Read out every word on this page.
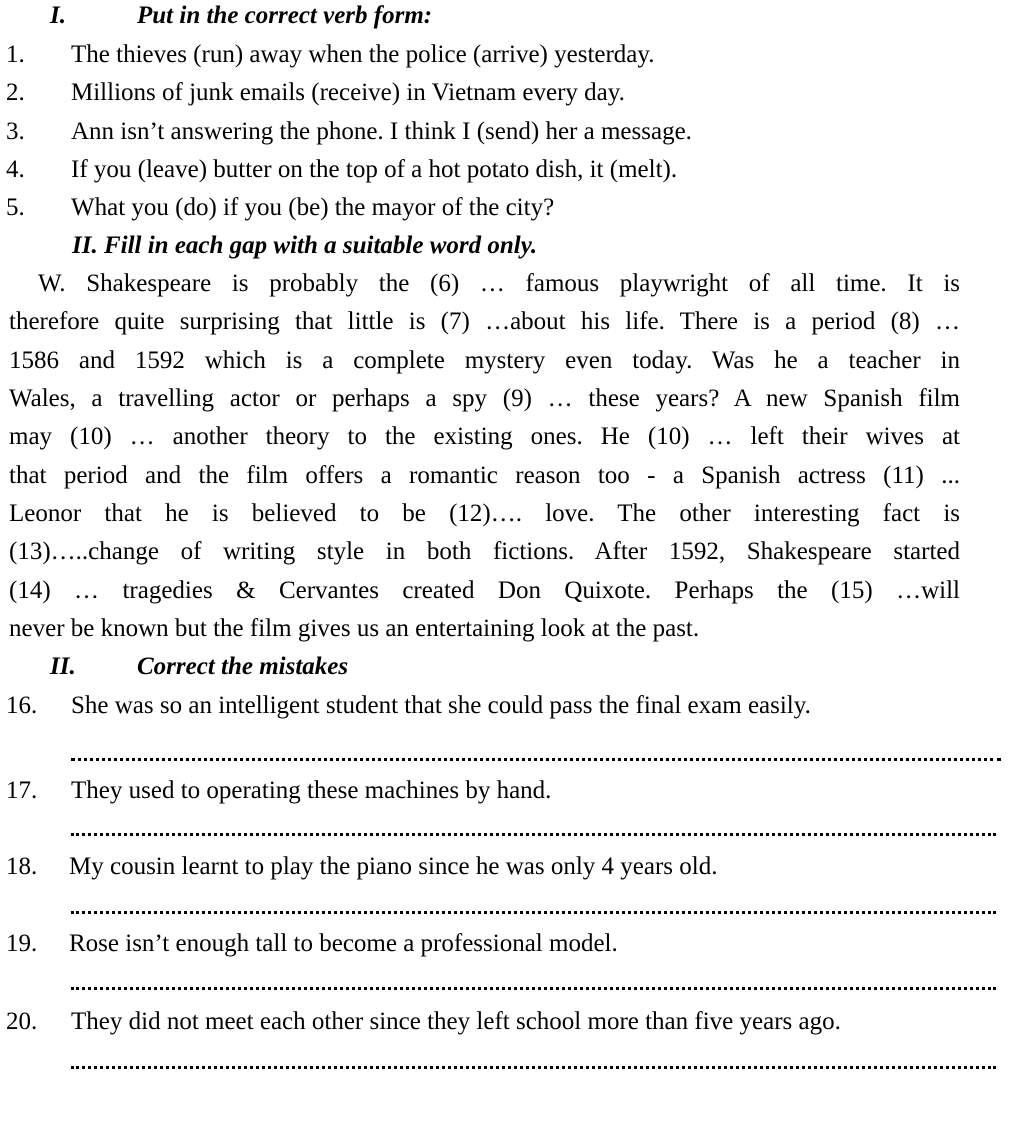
I.	Put in the correct verb form:
1. The thieves (run) away when the police (arrive) yesterday.
2. Millions of junk emails (receive) in Vietnam every day.
3. Ann isn’t answering the phone. I think I (send) her a message.
4. If you (leave) butter on the top of a hot potato dish, it (melt).
5. What you (do) if you (be) the mayor of the city?
II. Fill in each gap with a suitable word only.
W. Shakespeare is probably the (6) … famous playwright of all time. It is
therefore quite surprising that little is (7) …about his life. There is a period (8) …
1586 and 1592 which is a complete mystery even today. Was he a teacher in
Wales, a travelling actor or perhaps a spy (9) … these years? A new Spanish film
may (10) … another theory to the existing ones. He (10) … left their wives at
that period and the film offers a romantic reason too - a Spanish actress (11) ...
Leonor that he is believed to be (12)…. love. The other interesting fact is
(13)…..change of writing style in both fictions. After 1592, Shakespeare started
(14) … tragedies & Cervantes created Don Quixote. Perhaps the (15) …will
never be known but the film gives us an entertaining look at the past.
II. Correct the mistakes
16. She was so an intelligent student that she could pass the final exam easily.
17. They used to operating these machines by hand.
18. My cousin learnt to play the piano since he was only 4 years old.
19. Rose isn’t enough tall to become a professional model.
20. They did not meet each other since they left school more than five years ago.
